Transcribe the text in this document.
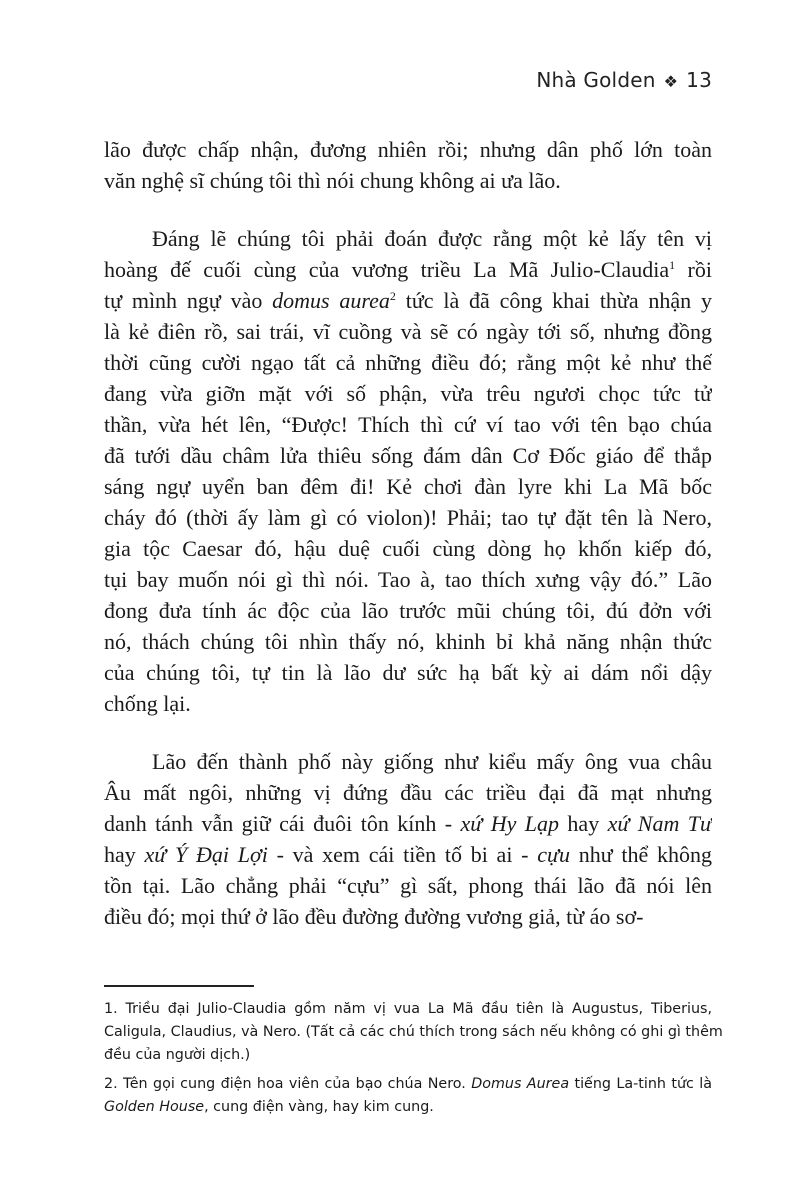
Nhà Golden ❖ 13
lão được chấp nhận, đương nhiên rồi; nhưng dân phố lớn toàn
văn nghệ sĩ chúng tôi thì nói chung không ai ưa lão.
Đáng lẽ chúng tôi phải đoán được rằng một kẻ lấy tên vị
hoàng đế cuối cùng của vương triều La Mã Julio-Claudia$^1$ rồi
tự mình ngự vào domus aurea$^2$ tức là đã công khai thừa nhận y
là kẻ điên rồ, sai trái, vĩ cuồng và sẽ có ngày tới số, nhưng đồng
thời cũng cười ngạo tất cả những điều đó; rằng một kẻ như thế
đang vừa giỡn mặt với số phận, vừa trêu ngươi chọc tức tử
thần, vừa hét lên, “Được! Thích thì cứ ví tao với tên bạo chúa
đã tưới dầu châm lửa thiêu sống đám dân Cơ Đốc giáo để thắp
sáng ngự uyển ban đêm đi! Kẻ chơi đàn lyre khi La Mã bốc
cháy đó (thời ấy làm gì có violon)! Phải; tao tự đặt tên là Nero,
gia tộc Caesar đó, hậu duệ cuối cùng dòng họ khốn kiếp đó,
tụi bay muốn nói gì thì nói. Tao à, tao thích xưng vậy đó.” Lão
đong đưa tính ác độc của lão trước mũi chúng tôi, đú đởn với
nó, thách chúng tôi nhìn thấy nó, khinh bỉ khả năng nhận thức
của chúng tôi, tự tin là lão dư sức hạ bất kỳ ai dám nổi dậy
chống lại.
Lão đến thành phố này giống như kiểu mấy ông vua châu
Âu mất ngôi, những vị đứng đầu các triều đại đã mạt nhưng
danh tánh vẫn giữ cái đuôi tôn kính - xứ Hy Lạp hay xứ Nam Tư
hay xứ Ý Đại Lợi - và xem cái tiền tố bi ai - cựu như thể không
tồn tại. Lão chẳng phải “cựu” gì sất, phong thái lão đã nói lên
điều đó; mọi thứ ở lão đều đường đường vương giả, từ áo sơ-
1. Triều đại Julio-Claudia gồm năm vị vua La Mã đầu tiên là Augustus, Tiberius,
Caligula, Claudius, và Nero. (Tất cả các chú thích trong sách nếu không có ghi gì thêm
đều của người dịch.)
2. Tên gọi cung điện hoa viên của bạo chúa Nero. Domus Aurea tiếng La-tinh tức là
Golden House, cung điện vàng, hay kim cung.
